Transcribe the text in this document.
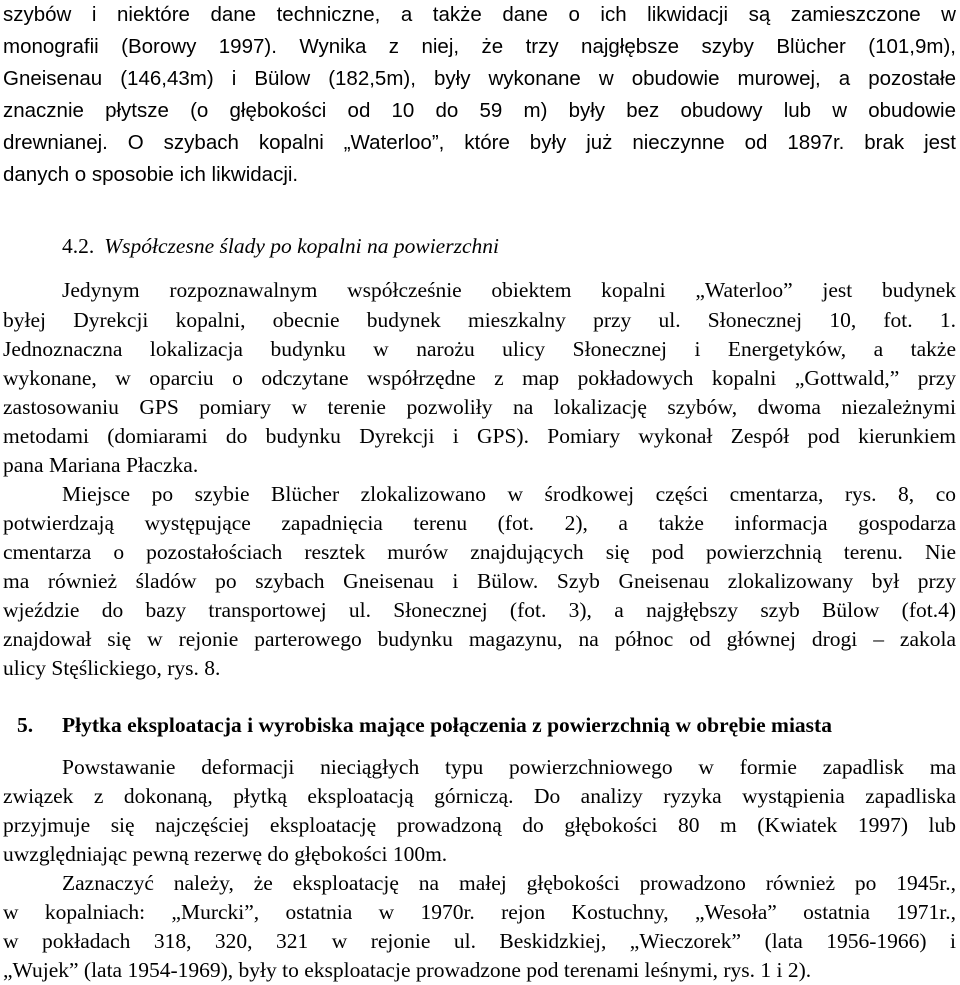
szybów i niektóre dane techniczne, a także dane o ich likwidacji są zamieszczone w
monografii (Borowy 1997). Wynika z niej, że trzy najgłębsze szyby Blücher (101,9m),
Gneisenau (146,43m) i Bülow (182,5m), były wykonane w obudowie murowej, a pozostałe
znacznie płytsze (o głębokości od 10 do 59 m) były bez obudowy lub w obudowie
drewnianej. O szybach kopalni „Waterloo”, które były już nieczynne od 1897r. brak jest
danych o sposobie ich likwidacji.
4.2. Współczesne ślady po kopalni na powierzchni
Jedynym rozpoznawalnym współcześnie obiektem kopalni „Waterloo” jest budynek
byłej Dyrekcji kopalni, obecnie budynek mieszkalny przy ul. Słonecznej 10, fot. 1.
Jednoznaczna lokalizacja budynku w narożu ulicy Słonecznej i Energetyków, a także
wykonane, w oparciu o odczytane współrzędne z map pokładowych kopalni „Gottwald,” przy
zastosowaniu GPS pomiary w terenie pozwoliły na lokalizację szybów, dwoma niezależnymi
metodami (domiarami do budynku Dyrekcji i GPS). Pomiary wykonał Zespół pod kierunkiem
pana Mariana Płaczka.
Miejsce po szybie Blücher zlokalizowano w środkowej części cmentarza, rys. 8, co
potwierdzają występujące zapadnięcia terenu (fot. 2), a także informacja gospodarza
cmentarza o pozostałościach resztek murów znajdujących się pod powierzchnią terenu. Nie
ma również śladów po szybach Gneisenau i Bülow. Szyb Gneisenau zlokalizowany był przy
wjeździe do bazy transportowej ul. Słonecznej (fot. 3), a najgłębszy szyb Bülow (fot.4)
znajdował się w rejonie parterowego budynku magazynu, na północ od głównej drogi – zakola
ulicy Stęślickiego, rys. 8.
5. Płytka eksploatacja i wyrobiska mające połączenia z powierzchnią w obrębie miasta
Powstawanie deformacji nieciągłych typu powierzchniowego w formie zapadlisk ma
związek z dokonaną, płytką eksploatacją górniczą. Do analizy ryzyka wystąpienia zapadliska
przyjmuje się najczęściej eksploatację prowadzoną do głębokości 80 m (Kwiatek 1997) lub
uwzględniając pewną rezerwę do głębokości 100m.
Zaznaczyć należy, że eksploatację na małej głębokości prowadzono również po 1945r.,
w kopalniach: „Murcki”, ostatnia w 1970r. rejon Kostuchny, „Wesoła” ostatnia 1971r.,
w pokładach 318, 320, 321 w rejonie ul. Beskidzkiej, „Wieczorek” (lata 1956-1966) i
„Wujek” (lata 1954-1969), były to eksploatacje prowadzone pod terenami leśnymi, rys. 1 i 2).
